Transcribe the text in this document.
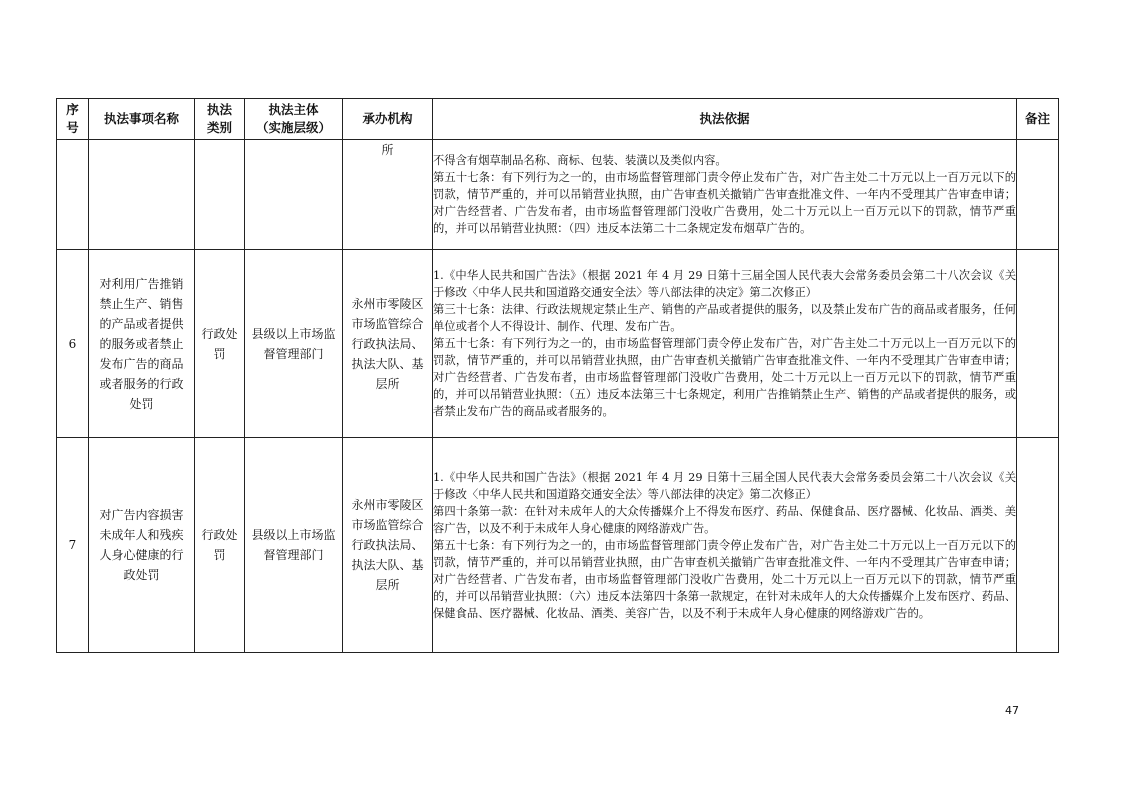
序
号	执法事项名称	执法
类别	执法主体
（实施层级）	承办机构	执法依据	备注

				所	不得含有烟草制品名称、商标、包装、装潢以及类似内容。

第五十七条：有下列行为之一的，由市场监督管理部门责令停止发布广告，对广告主处二十万元以上一百万元以下的罚款，情节严重的，并可以吊销营业执照，由广告审查机关撤销广告审查批准文件、一年内不受理其广告审查申请；对广告经营者、广告发布者，由市场监督管理部门没收广告费用，处二十万元以上一百万元以下的罚款，情节严重的，并可以吊销营业执照：（四）违反本法第二十二条规定发布烟草广告的。	

6	对利用广告推销禁止生产、销售的产品或者提供的服务或者禁止发布广告的商品或者服务的行政处罚	行政处罚	县级以上市场监督管理部门	永州市零陵区市场监管综合行政执法局、执法大队、基层所	1.《中华人民共和国广告法》（根据 2021 年 4 月 29 日第十三届全国人民代表大会常务委员会第二十八次会议《关于修改〈中华人民共和国道路交通安全法〉等八部法律的决定》第二次修正）

第三十七条：法律、行政法规规定禁止生产、销售的产品或者提供的服务，以及禁止发布广告的商品或者服务，任何单位或者个人不得设计、制作、代理、发布广告。

第五十七条：有下列行为之一的，由市场监督管理部门责令停止发布广告，对广告主处二十万元以上一百万元以下的罚款，情节严重的，并可以吊销营业执照，由广告审查机关撤销广告审查批准文件、一年内不受理其广告审查申请；对广告经营者、广告发布者，由市场监督管理部门没收广告费用，处二十万元以上一百万元以下的罚款，情节严重的，并可以吊销营业执照：（五）违反本法第三十七条规定，利用广告推销禁止生产、销售的产品或者提供的服务，或者禁止发布广告的商品或者服务的。	

7	对广告内容损害未成年人和残疾人身心健康的行政处罚	行政处罚	县级以上市场监督管理部门	永州市零陵区市场监管综合行政执法局、执法大队、基层所	1.《中华人民共和国广告法》（根据 2021 年 4 月 29 日第十三届全国人民代表大会常务委员会第二十八次会议《关于修改〈中华人民共和国道路交通安全法〉等八部法律的决定》第二次修正）

第四十条第一款：在针对未成年人的大众传播媒介上不得发布医疗、药品、保健食品、医疗器械、化妆品、酒类、美容广告，以及不利于未成年人身心健康的网络游戏广告。

第五十七条：有下列行为之一的，由市场监督管理部门责令停止发布广告，对广告主处二十万元以上一百万元以下的罚款，情节严重的，并可以吊销营业执照，由广告审查机关撤销广告审查批准文件、一年内不受理其广告审查申请；对广告经营者、广告发布者，由市场监督管理部门没收广告费用，处二十万元以上一百万元以下的罚款，情节严重的，并可以吊销营业执照：（六）违反本法第四十条第一款规定，在针对未成年人的大众传播媒介上发布医疗、药品、保健食品、医疗器械、化妆品、酒类、美容广告，以及不利于未成年人身心健康的网络游戏广告的。	

47
